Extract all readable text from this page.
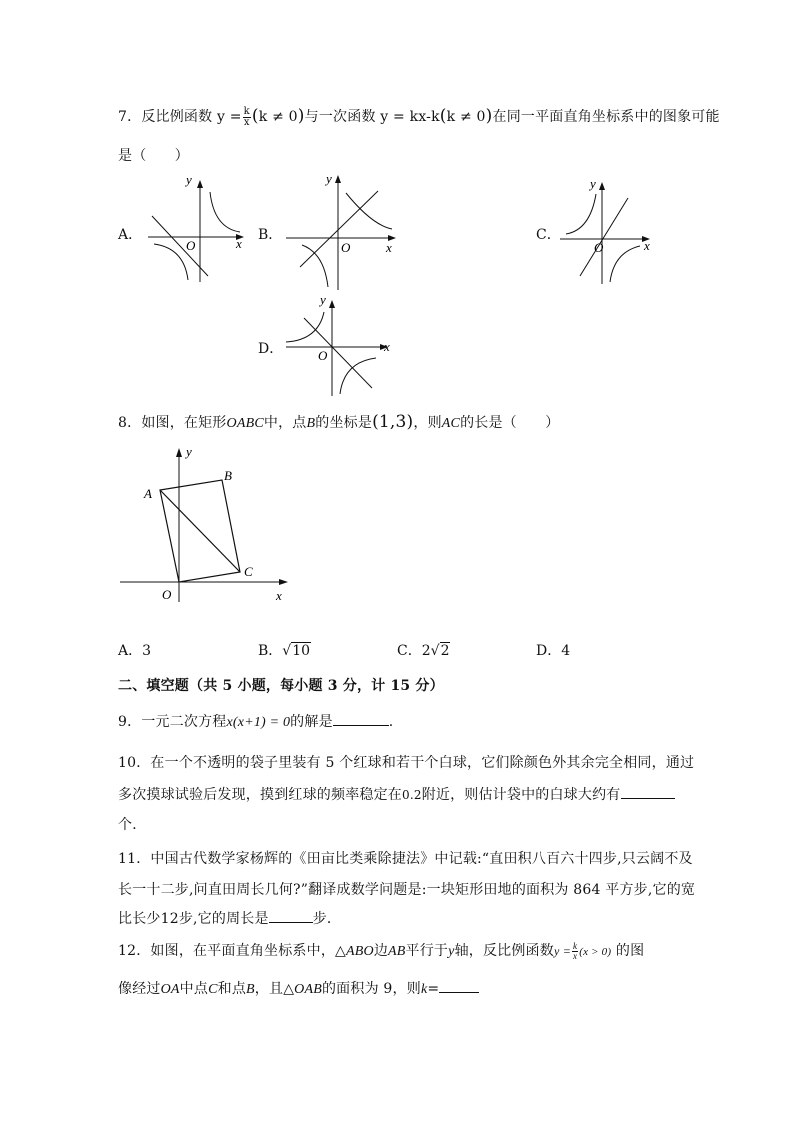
7．反比例函数 $y = \frac{k}{x} (k \ne 0)$与一次函数 y = kx-k(k ≠ 0)在同一平面直角坐标系中的图象可能
是（　　）
A．
y
x
O
B．
y
x
O
C．
y
x
O
D．
y
x
O
8．如图，在矩形OABC中，点B的坐标是(1,3)，则AC的长是（　　）
y
A
B
C
O	x
A．3	B．√10	C．2√2	D．4
二、填空题（共 5 小题，每小题 3 分，计 15 分）
9．一元二次方程x(x+1) = 0的解是	.
10．在一个不透明的袋子里装有 5 个红球和若干个白球，它们除颜色外其余完全相同，通过
多次摸球试验后发现，摸到红球的频率稳定在0.2附近，则估计袋中的白球大约有
个．
11．中国古代数学家杨辉的《田亩比类乘除捷法》中记载:“直田积八百六十四步,只云阔不及
长一十二步,问直田周长几何?”翻译成数学问题是:一块矩形田地的面积为 864 平方步,它的宽
比长少12步,它的周长是	步．
12．如图，在平面直角坐标系中，△ABO边AB平行于y轴，反比例函数$y = \frac{k}{x} (x > 0)$ 的图
像经过OA中点C和点B，且△OAB的面积为 9，则k=
